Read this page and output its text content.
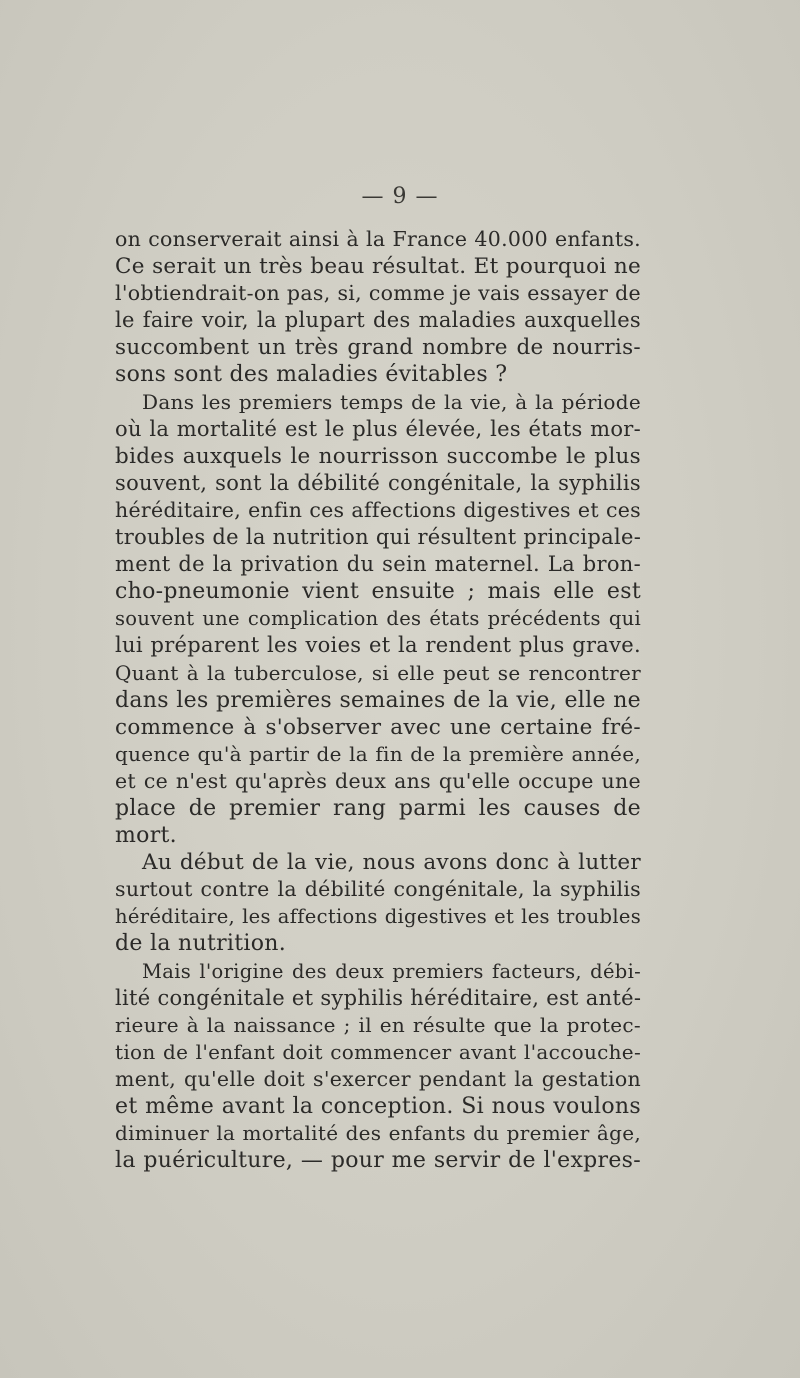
— 9 —
on conserverait ainsi à la France 40.000 enfants.
Ce serait un très beau résultat. Et pourquoi ne
l'obtiendrait-on pas, si, comme je vais essayer de
le faire voir, la plupart des maladies auxquelles
succombent un très grand nombre de nourris-
sons sont des maladies évitables ?
Dans les premiers temps de la vie, à la période
où la mortalité est le plus élevée, les états mor-
bides auxquels le nourrisson succombe le plus
souvent, sont la débilité congénitale, la syphilis
héréditaire, enfin ces affections digestives et ces
troubles de la nutrition qui résultent principale-
ment de la privation du sein maternel. La bron-
cho-pneumonie vient ensuite ; mais elle est
souvent une complication des états précédents qui
lui préparent les voies et la rendent plus grave.
Quant à la tuberculose, si elle peut se rencontrer
dans les premières semaines de la vie, elle ne
commence à s'observer avec une certaine fré-
quence qu'à partir de la fin de la première année,
et ce n'est qu'après deux ans qu'elle occupe une
place de premier rang parmi les causes de
mort.
Au début de la vie, nous avons donc à lutter
surtout contre la débilité congénitale, la syphilis
héréditaire, les affections digestives et les troubles
de la nutrition.
Mais l'origine des deux premiers facteurs, débi-
lité congénitale et syphilis héréditaire, est anté-
rieure à la naissance ; il en résulte que la protec-
tion de l'enfant doit commencer avant l'accouche-
ment, qu'elle doit s'exercer pendant la gestation
et même avant la conception. Si nous voulons
diminuer la mortalité des enfants du premier âge,
la puériculture, — pour me servir de l'expres-
